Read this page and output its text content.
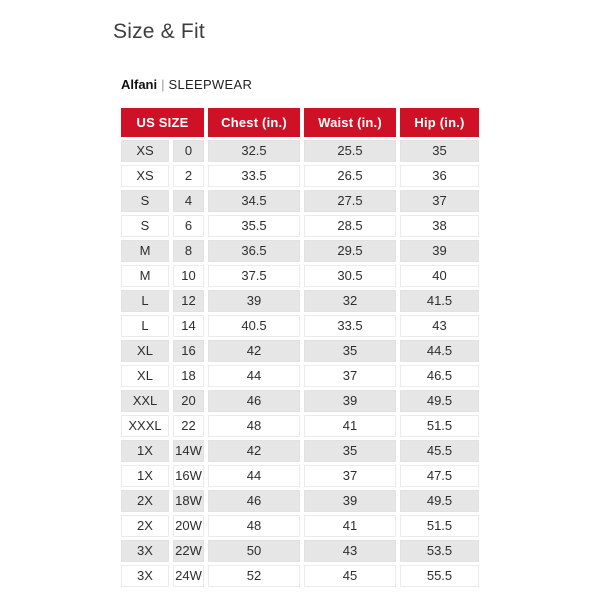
Size & Fit
Alfani | SLEEPWEAR
US SIZE		Chest (in.)	Waist (in.)	Hip (in.)
XS	0	32.5	25.5	35
XS	2	33.5	26.5	36
S	4	34.5	27.5	37
S	6	35.5	28.5	38
M	8	36.5	29.5	39
M	10	37.5	30.5	40
L	12	39	32	41.5
L	14	40.5	33.5	43
XL	16	42	35	44.5
XL	18	44	37	46.5
XXL	20	46	39	49.5
XXXL	22	48	41	51.5
1X	14W	42	35	45.5
1X	16W	44	37	47.5
2X	18W	46	39	49.5
2X	20W	48	41	51.5
3X	22W	50	43	53.5
3X	24W	52	45	55.5
